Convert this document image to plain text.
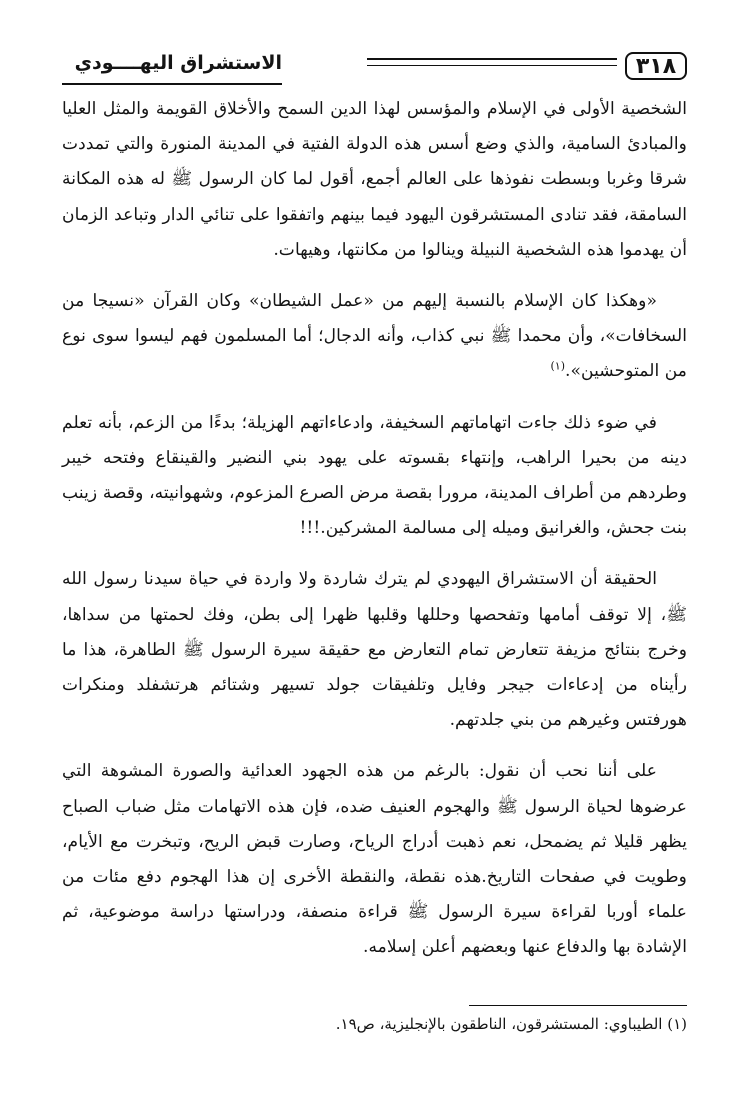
٣١٨
الاستشراق اليهــــودي

الشخصية الأولى في الإسلام والمؤسس لهذا الدين السمح والأخلاق القويمة والمثل العليا والمبادئ السامية، والذي وضع أسس هذه الدولة الفتية في المدينة المنورة والتي تمددت شرقا وغربا وبسطت نفوذها على العالم أجمع، أقول لما كان الرسول ﷺ له هذه المكانة السامقة، فقد تنادى المستشرقون اليهود فيما بينهم واتفقوا على تنائي الدار وتباعد الزمان أن يهدموا هذه الشخصية النبيلة وينالوا من مكانتها، وهيهات.

«وهكذا كان الإسلام بالنسبة إليهم من «عمل الشيطان» وكان القرآن «نسيجا من السخافات»، وأن محمدا ﷺ نبي كذاب، وأنه الدجال؛ أما المسلمون فهم ليسوا سوى نوع من المتوحشين».$^{(١)}$

في ضوء ذلك جاءت اتهاماتهم السخيفة، وادعاءاتهم الهزيلة؛ بدءًا من الزعم، بأنه تعلم دينه من بحيرا الراهب، وإنتهاء بقسوته على يهود بني النضير والقينقاع وفتحه خيبر وطردهم من أطراف المدينة، مرورا بقصة مرض الصرع المزعوم، وشهوانيته، وقصة زينب بنت جحش، والغرانيق وميله إلى مسالمة المشركين.!!!

الحقيقة أن الاستشراق اليهودي لم يترك شاردة ولا واردة في حياة سيدنا رسول الله ﷺ، إلا توقف أمامها وتفحصها وحللها وقلبها ظهرا إلى بطن، وفك لحمتها من سداها، وخرج بنتائج مزيفة تتعارض تمام التعارض مع حقيقة سيرة الرسول ﷺ الطاهرة، هذا ما رأيناه من إدعاءات جيجر وفايل وتلفيقات جولد تسيهر وشتائم هرتشفلد ومنكرات هورفتس وغيرهم من بني جلدتهم.

على أننا نحب أن نقول: بالرغم من هذه الجهود العدائية والصورة المشوهة التي عرضوها لحياة الرسول ﷺ والهجوم العنيف ضده، فإن هذه الاتهامات مثل ضباب الصباح يظهر قليلا ثم يضمحل، نعم ذهبت أدراج الرياح، وصارت قبض الريح، وتبخرت مع الأيام، وطويت في صفحات التاريخ.هذه نقطة، والنقطة الأخرى إن هذا الهجوم دفع مئات من علماء أوربا لقراءة سيرة الرسول ﷺ قراءة منصفة، ودراستها دراسة موضوعية، ثم الإشادة بها والدفاع عنها وبعضهم أعلن إسلامه.

(١) الطيباوي: المستشرقون، الناطقون بالإنجليزية، ص١٩.
